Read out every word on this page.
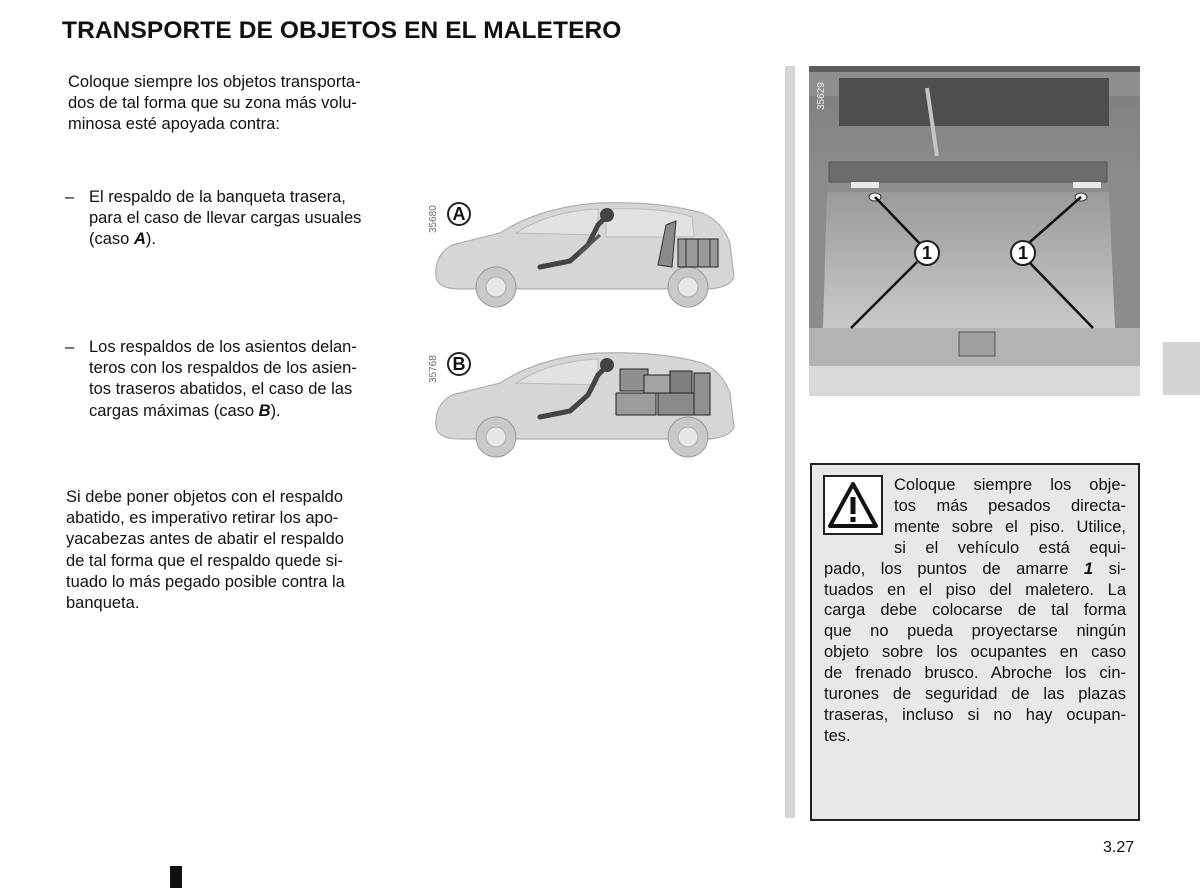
TRANSPORTE DE OBJETOS EN EL MALETERO

Coloque siempre los objetos transporta-
dos de tal forma que su zona más volu-
minosa esté apoyada contra:

– El respaldo de la banqueta trasera,
para el caso de llevar cargas usuales
(caso A).
– Los respaldos de los asientos delan-
teros con los respaldos de los asien-
tos traseros abatidos, el caso de las
cargas máximas (caso B).

Si debe poner objetos con el respaldo
abatido, es imperativo retirar los apo-
yacabezas antes de abatir el respaldo
de tal forma que el respaldo quede si-
tuado lo más pegado posible contra la
banqueta.

35680 A
35768 B
35629
1	1
Coloque siempre los obje-
tos más pesados directa-
mente sobre el piso. Utilice,
si el vehículo está equi-
pado, los puntos de amarre 1 si-
tuados en el piso del maletero. La
carga debe colocarse de tal forma
que no pueda proyectarse ningún
objeto sobre los ocupantes en caso
de frenado brusco. Abroche los cin-
turones de seguridad de las plazas
traseras, incluso si no hay ocupan-
tes.
3.27
